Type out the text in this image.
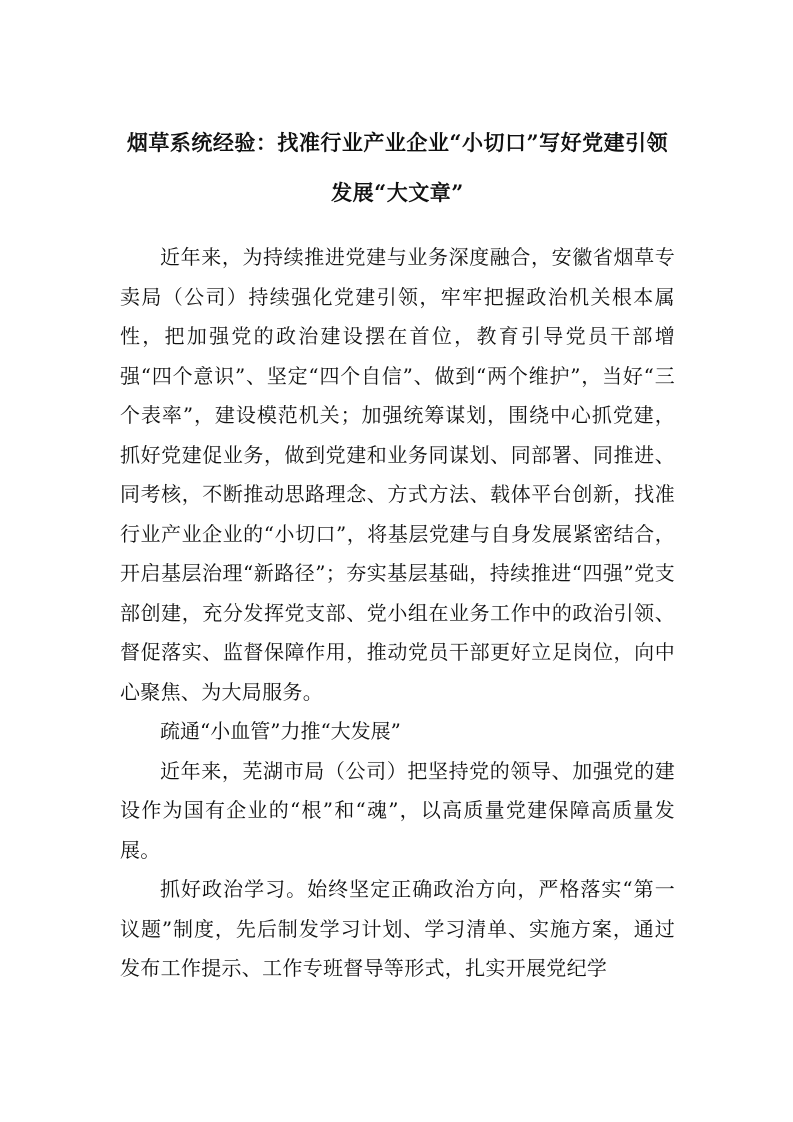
烟草系统经验：找准行业产业企业“小切口”写好党建引领
发展“大文章”

近年来，为持续推进党建与业务深度融合，安徽省烟草专卖局（公司）持续强化党建引领，牢牢把握政治机关根本属性，把加强党的政治建设摆在首位，教育引导党员干部增强“四个意识”、坚定“四个自信”、做到“两个维护”，当好“三个表率”，建设模范机关；加强统筹谋划，围绕中心抓党建，抓好党建促业务，做到党建和业务同谋划、同部署、同推进、同考核，不断推动思路理念、方式方法、载体平台创新，找准行业产业企业的“小切口”，将基层党建与自身发展紧密结合，开启基层治理“新路径”；夯实基层基础，持续推进“四强”党支部创建，充分发挥党支部、党小组在业务工作中的政治引领、督促落实、监督保障作用，推动党员干部更好立足岗位，向中心聚焦、为大局服务。

疏通“小血管”力推“大发展”

近年来，芜湖市局（公司）把坚持党的领导、加强党的建设作为国有企业的“根”和“魂”，以高质量党建保障高质量发展。

抓好政治学习。始终坚定正确政治方向，严格落实“第一议题”制度，先后制发学习计划、学习清单、实施方案，通过发布工作提示、工作专班督导等形式，扎实开展党纪学
